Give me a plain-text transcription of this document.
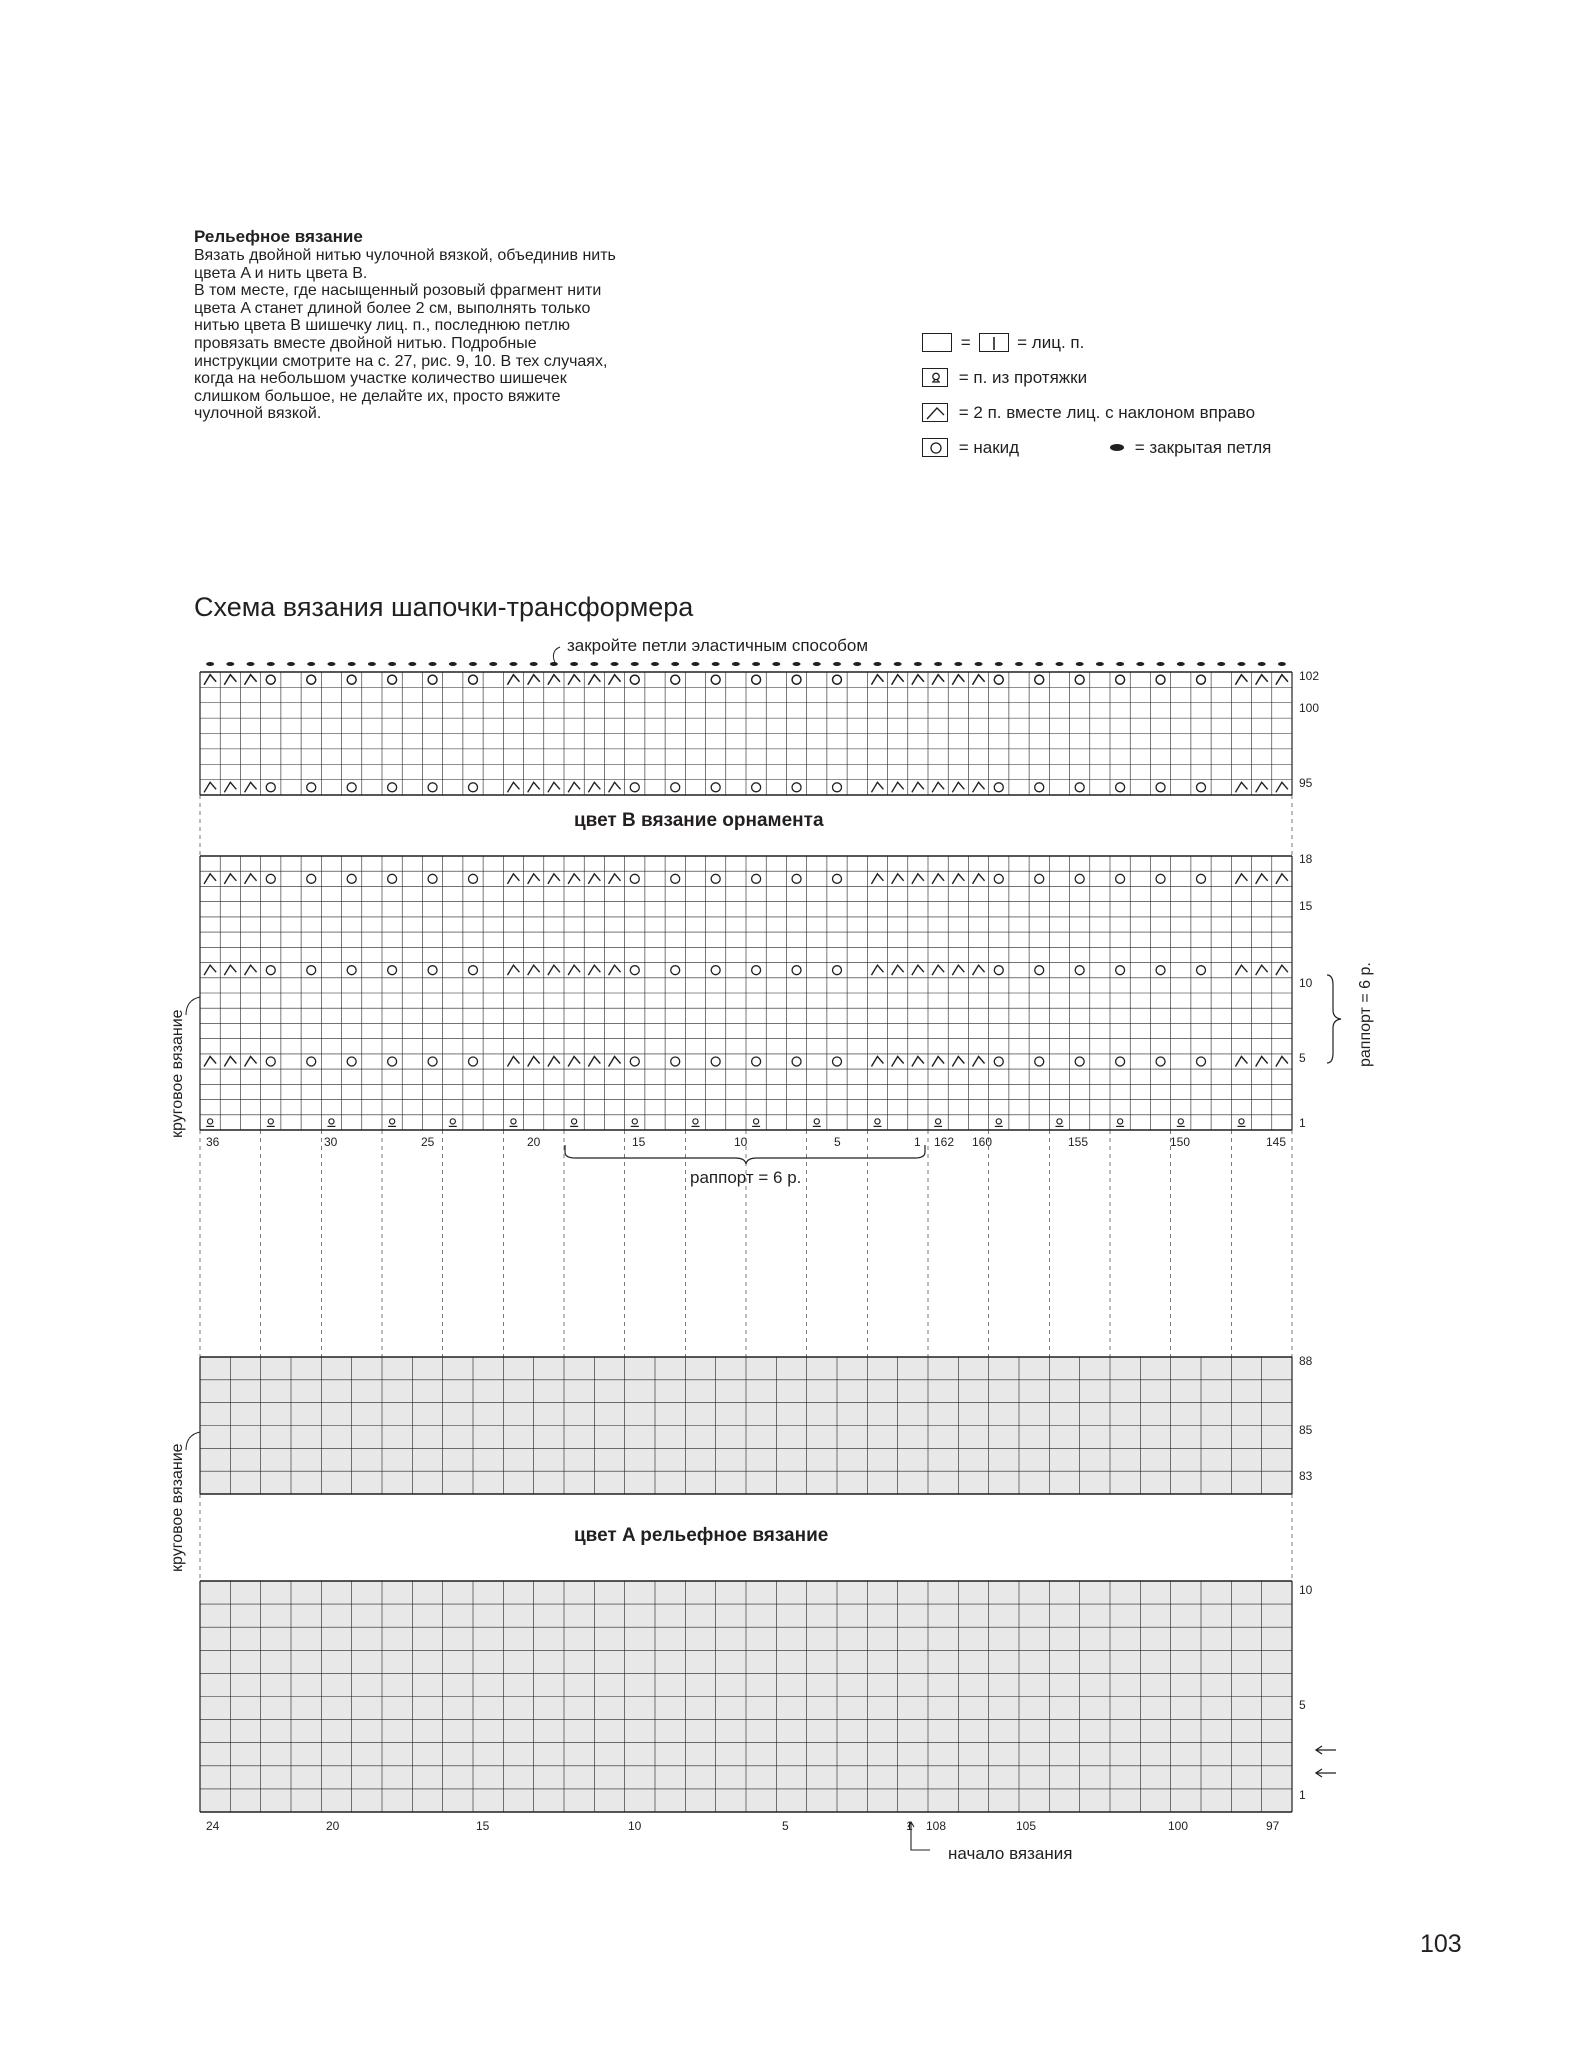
Рельефное вязание
Вязать двойной нитью чулочной вязкой, объединив нить
цвета A и нить цвета B.
В том месте, где насыщенный розовый фрагмент нити
цвета A станет длиной более 2 см, выполнять только
нитью цвета B шишечку лиц. п., последнюю петлю
провязать вместе двойной нитью. Подробные
инструкции смотрите на с. 27, рис. 9, 10. В тех случаях,
когда на небольшом участке количество шишечек
слишком большое, не делайте их, просто вяжите
чулочной вязкой.
=	= лиц. п.
= п. из протяжки
= 2 п. вместе лиц. с наклоном вправо
= накид	= закрытая петля
Схема вязания шапочки-трансформера
закройте петли эластичным способом
цвет B вязание орнамента
цвет A рельефное вязание
раппорт = 6 р.
начало вязания
круговое вязание
круговое вязание
раппорт = 6 р.
102
100
95
18
15
10
5
1
88
85
83
10
5
1
36	30	25	20	15	10	5	1 162 160	155	150	145
24	20	15	10	5	1 108	105	100	97
103
